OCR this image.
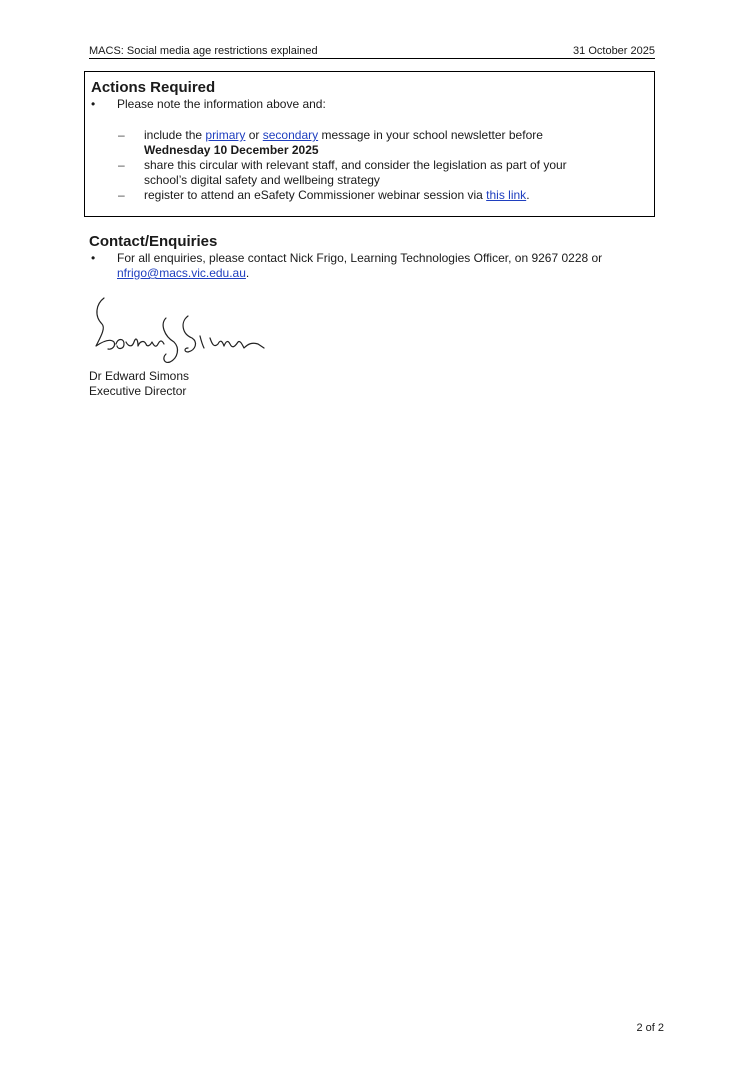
MACS: Social media age restrictions explained	31 October 2025
Actions Required
• Please note the information above and:
– include the primary or secondary message in your school newsletter before
Wednesday 10 December 2025
– share this circular with relevant staff, and consider the legislation as part of your school’s digital safety and wellbeing strategy
– register to attend an eSafety Commissioner webinar session via this link.
Contact/Enquiries
• For all enquiries, please contact Nick Frigo, Learning Technologies Officer, on 9267 0228 or
nfrigo@macs.vic.edu.au.
Dr Edward Simons
Executive Director
2 of 2
